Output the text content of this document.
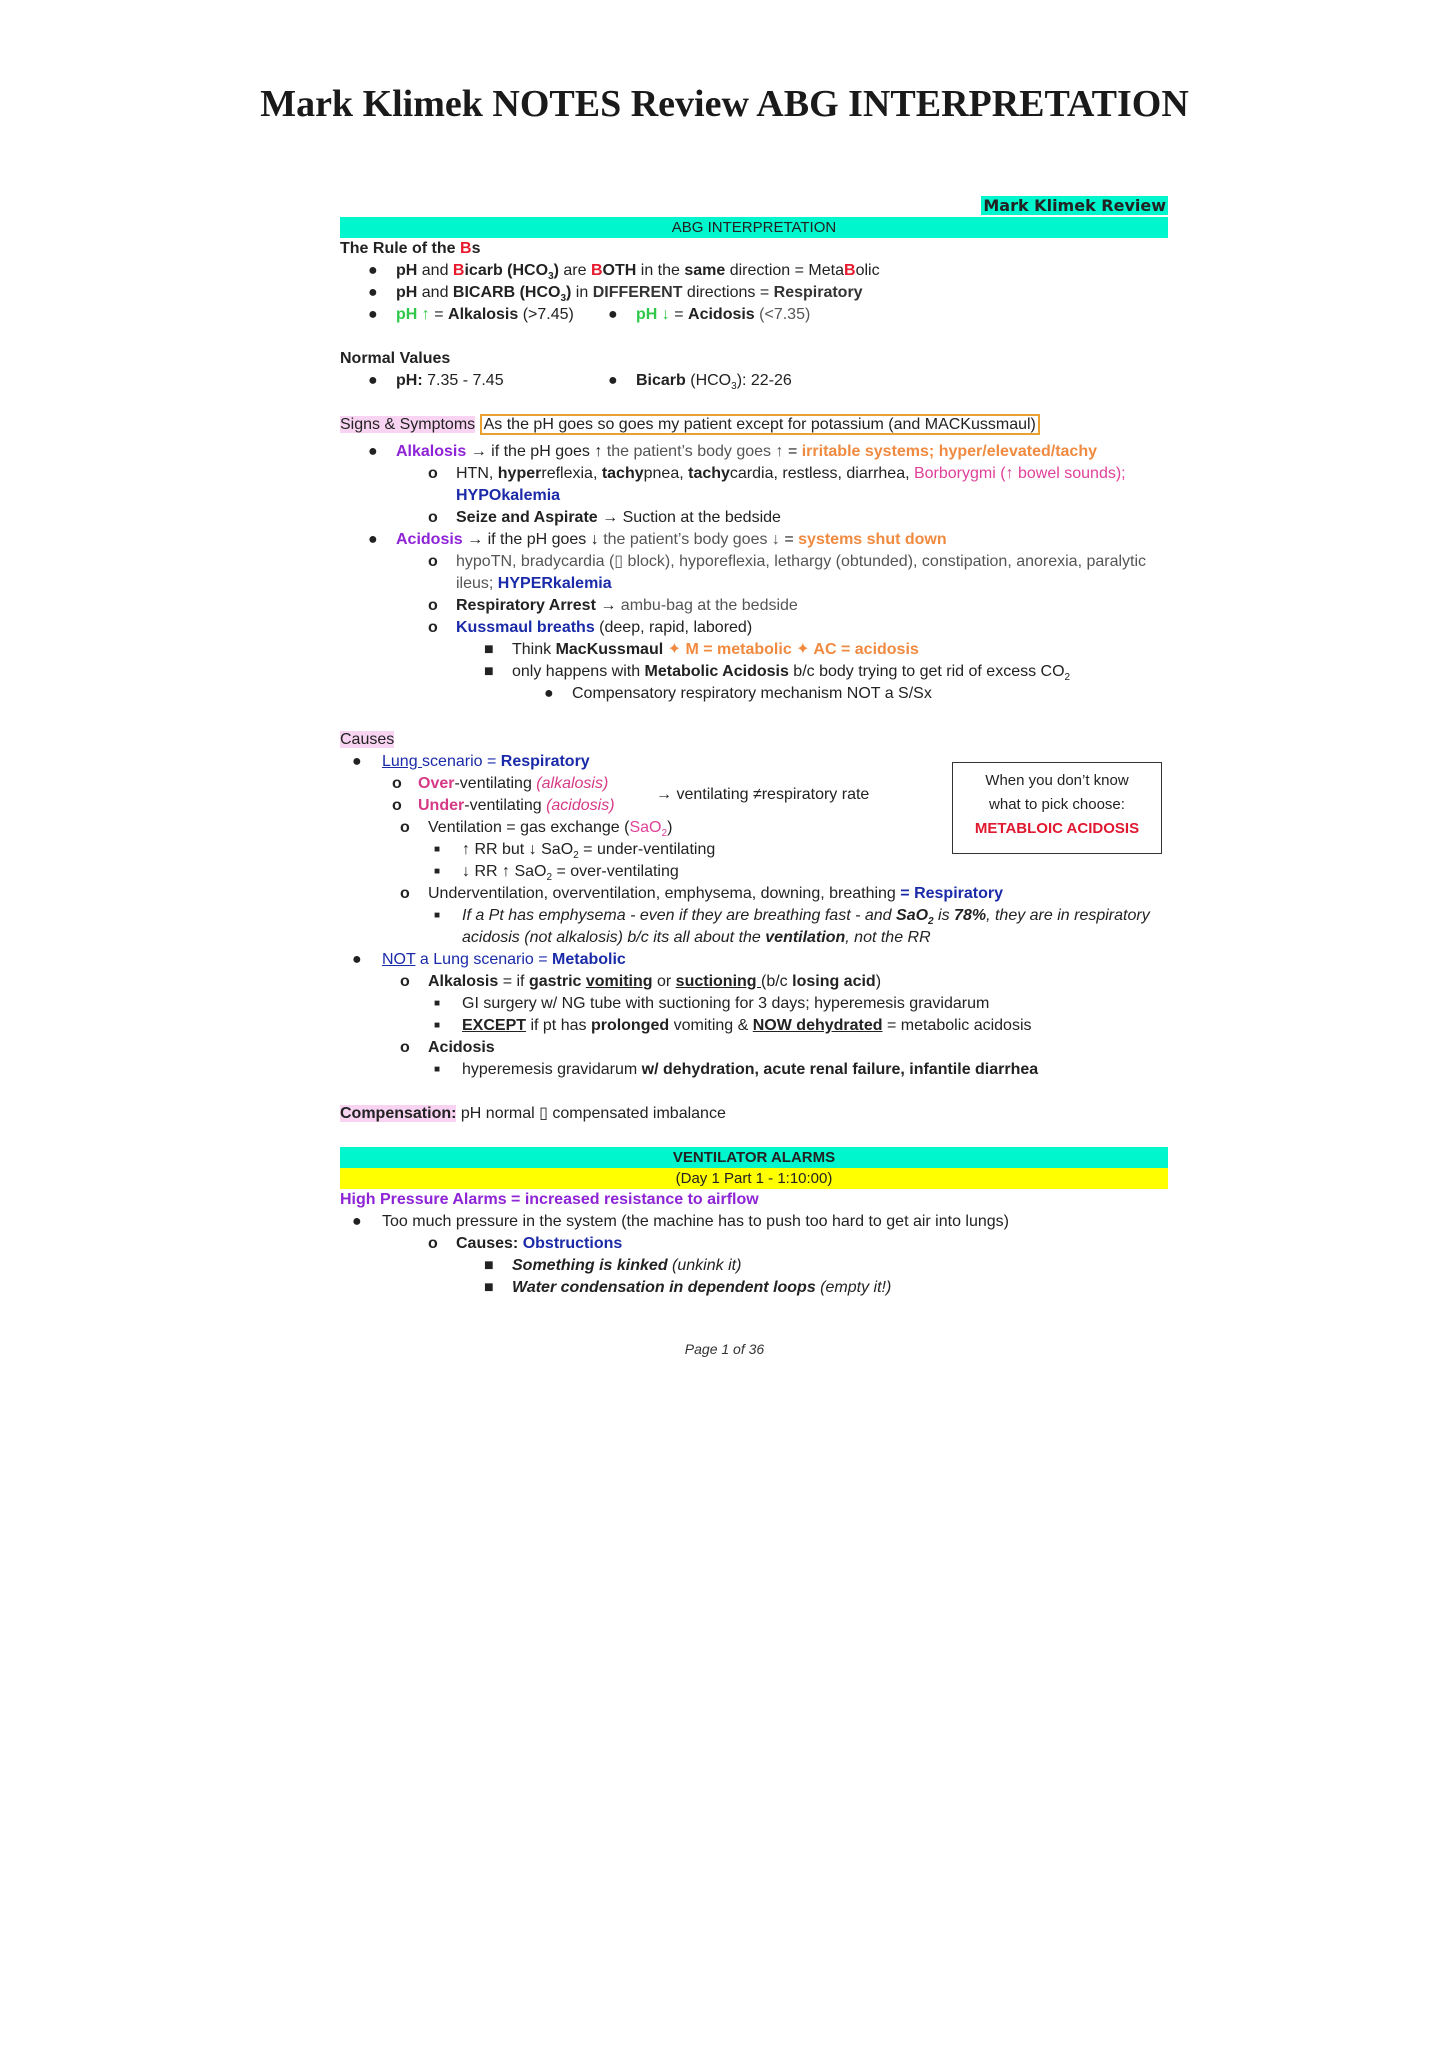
Mark Klimek NOTES Review ABG INTERPRETATION
Mark Klimek Review
ABG INTERPRETATION
The Rule of the Bs
● pH and Bicarb $(HCO_3)$ are BOTH in the same direction = MetaBolic
● pH and BICARB $(HCO_3)$ in DIFFERENT directions = Respiratory
● pH ↑ = Alkalosis (>7.45) ● pH ↓ = Acidosis (<7.35)
Normal Values
● pH: 7.35 - 7.45	● Bicarb $(HCO_3)$: 22-26
Signs & Symptoms As the pH goes so goes my patient except for potassium (and MACKussmaul)
● Alkalosis → if the pH goes ↑ the patient’s body goes ↑ = irritable systems; hyper/elevated/tachy
o HTN, hyperreflexia, tachypnea, tachycardia, restless, diarrhea, Borborygmi (↑ bowel sounds);
HYPOkalemia
o Seize and Aspirate → Suction at the bedside
● Acidosis → if the pH goes ↓ the patient’s body goes ↓ = systems shut down
o hypoTN, bradycardia (▯ block), hyporeflexia, lethargy (obtunded), constipation, anorexia, paralytic
ileus; HYPERkalemia
o Respiratory Arrest → ambu-bag at the bedside
o Kussmaul breaths (deep, rapid, labored)
■ Think MacKussmaul ✦ M = metabolic ✦ AC = acidosis
■ only happens with Metabolic Acidosis b/c body trying to get rid of excess $CO_2$
● Compensatory respiratory mechanism NOT a S/Sx
Causes
● Lung scenario = Respiratory
o Over-ventilating (alkalosis)
→ ventilating ≠respiratory rate
o Under-ventilating (acidosis)
o Ventilation = gas exchange (SaO$_2$)
■ ↑ RR but ↓ SaO$_2$ = under-ventilating
■ ↓ RR ↑ SaO$_2$ = over-ventilating
o Underventilation, overventilation, emphysema, downing, breathing = Respiratory
■ If a Pt has emphysema - even if they are breathing fast - and SaO$_2$ is 78%, they are in respiratory
acidosis (not alkalosis) b/c its all about the ventilation, not the RR
● NOT a Lung scenario = Metabolic
o Alkalosis = if gastric vomiting or suctioning (b/c losing acid)
■ GI surgery w/ NG tube with suctioning for 3 days; hyperemesis gravidarum
■ EXCEPT if pt has prolonged vomiting & NOW dehydrated = metabolic acidosis
o Acidosis
■ hyperemesis gravidarum w/ dehydration, acute renal failure, infantile diarrhea
Compensation: pH normal ▯ compensated imbalance
VENTILATOR ALARMS
(Day 1 Part 1 - 1:10:00)
High Pressure Alarms = increased resistance to airflow
● Too much pressure in the system (the machine has to push too hard to get air into lungs)
o Causes: Obstructions
■ Something is kinked (unkink it)
■ Water condensation in dependent loops (empty it!)
When you don’t know
what to pick choose:
METABLOIC ACIDOSIS
Page 1 of 36
